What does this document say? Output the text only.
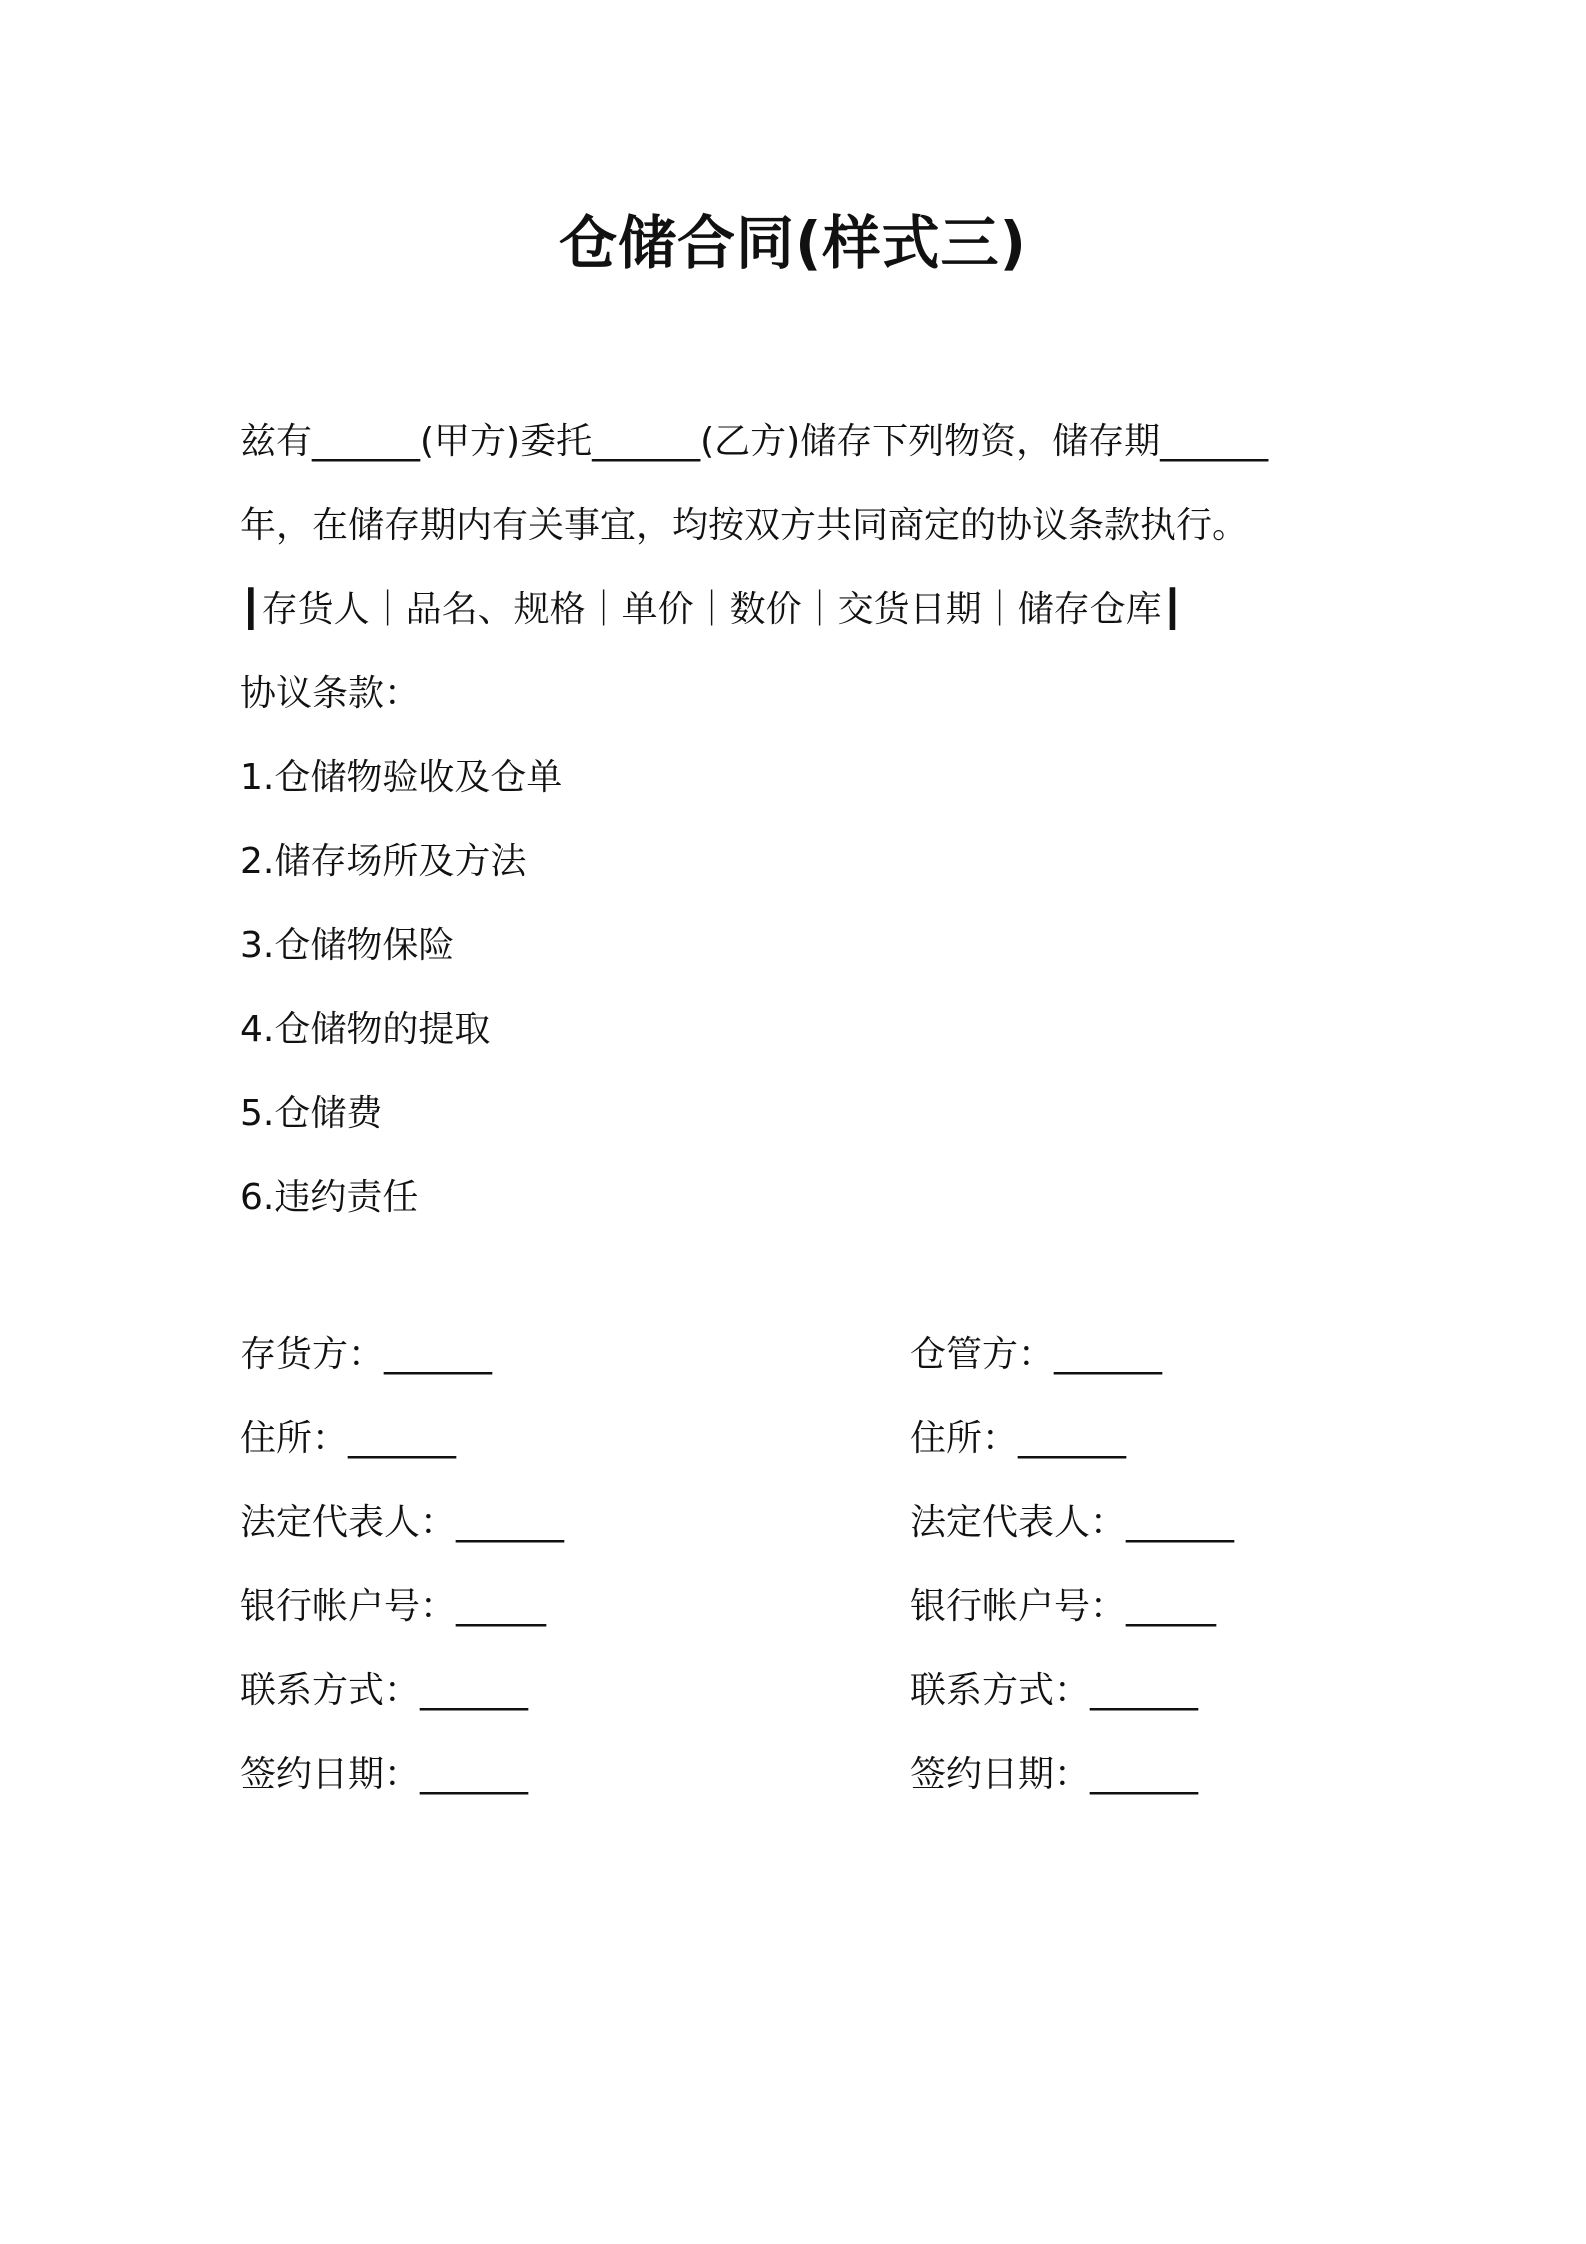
仓储合同(样式三)
兹有______(甲方)委托______(乙方)储存下列物资，储存期______
年，在储存期内有关事宜，均按双方共同商定的协议条款执行。
┃存货人｜品名、规格｜单价｜数价｜交货日期｜储存仓库┃
协议条款：
1.仓储物验收及仓单
2.储存场所及方法
3.仓储物保险
4.仓储物的提取
5.仓储费
6.违约责任
存货方：______
住所：______
法定代表人：______
银行帐户号：_____
联系方式：______
签约日期：______
仓管方：______
住所：______
法定代表人：______
银行帐户号：_____
联系方式：______
签约日期：______
